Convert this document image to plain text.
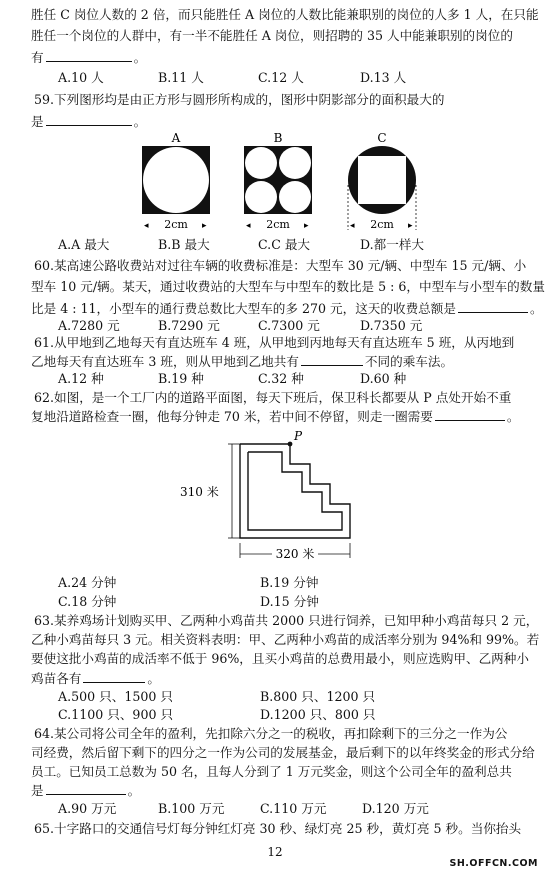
胜任 C 岗位人数的 2 倍，而只能胜任 A 岗位的人数比能兼职别的岗位的人多 1 人，在只能
胜任一个岗位的人群中，有一半不能胜任 A 岗位，则招聘的 35 人中能兼职别的岗位的
有	。
A.10 人	B.11 人	C.12 人	D.13 人
59.下列图形均是由正方形与圆形所构成的，图形中阴影部分的面积最大的
是	。
A	B	C
◂	▸
2cm	◂	▸
2cm	◂	▸
2cm
A.A 最大	B.B 最大	C.C 最大	D.都一样大
60.某高速公路收费站对过往车辆的收费标准是：大型车 30 元/辆、中型车 15 元/辆、小
型车 10 元/辆。某天，通过收费站的大型车与中型车的数比是 5 : 6，中型车与小型车的数量
比是 4 : 11，小型车的通行费总数比大型车的多 270 元，这天的收费总额是	。
A.7280 元	B.7290 元	C.7300 元	D.7350 元
61.从甲地到乙地每天有直达班车 4 班，从甲地到丙地每天有直达班车 5 班，从丙地到
乙地每天有直达班车 3 班，则从甲地到乙地共有	不同的乘车法。
A.12 种	B.19 种	C.32 种	D.60 种
62.如图，是一个工厂内的道路平面图，每天下班后，保卫科长都要从 P 点处开始不重
复地沿道路检查一圈，他每分钟走 70 米，若中间不停留，则走一圈需要	。
P
310 米
320 米
A.24 分钟	B.19 分钟
C.18 分钟	D.15 分钟
63.某养鸡场计划购买甲、乙两种小鸡苗共 2000 只进行饲养，已知甲种小鸡苗每只 2 元，
乙种小鸡苗每只 3 元。相关资料表明：甲、乙两种小鸡苗的成活率分别为 94%和 99%。若
要使这批小鸡苗的成活率不低于 96%，且买小鸡苗的总费用最小，则应选购甲、乙两种小
鸡苗各有	。
A.500 只、1500 只	B.800 只、1200 只
C.1100 只、900 只	D.1200 只、800 只
64.某公司将公司全年的盈利，先扣除六分之一的税收，再扣除剩下的三分之一作为公
司经费，然后留下剩下的四分之一作为公司的发展基金，最后剩下的以年终奖金的形式分给
员工。已知员工总数为 50 名，且每人分到了 1 万元奖金，则这个公司全年的盈利总共
是	。
A.90 万元	B.100 万元	C.110 万元	D.120 万元
65.十字路口的交通信号灯每分钟红灯亮 30 秒、绿灯亮 25 秒，黄灯亮 5 秒。当你抬头
12
SH.OFFCN.COM
